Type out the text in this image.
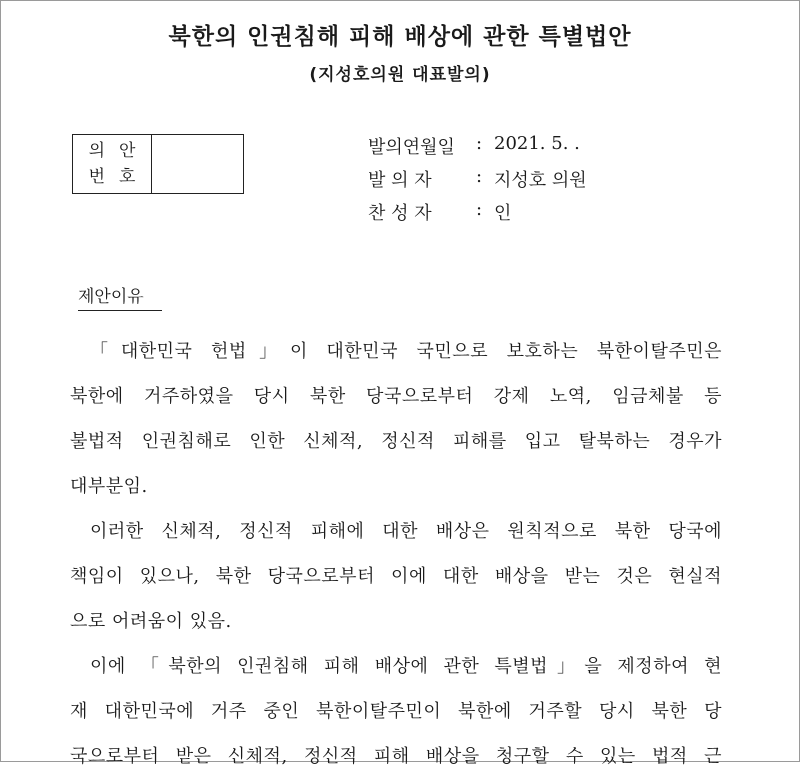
북한의 인권침해 피해 배상에 관한 특별법안
(지성호의원 대표발의)
의안
번호
발의연월일	: 2021. 5. .
발 의 자	: 지성호 의원
찬 성 자	: 인
제안이유
「대한민국 헌법」이 대한민국 국민으로 보호하는 북한이탈주민은
북한에 거주하였을 당시 북한 당국으로부터 강제 노역, 임금체불 등
불법적 인권침해로 인한 신체적, 정신적 피해를 입고 탈북하는 경우가
대부분임.
이러한 신체적, 정신적 피해에 대한 배상은 원칙적으로 북한 당국에
책임이 있으나, 북한 당국으로부터 이에 대한 배상을 받는 것은 현실적
으로 어려움이 있음.
이에 「북한의 인권침해 피해 배상에 관한 특별법」을 제정하여 현
재 대한민국에 거주 중인 북한이탈주민이 북한에 거주할 당시 북한 당
국으로부터 받은 신체적, 정신적 피해 배상을 청구할 수 있는 법적 근
